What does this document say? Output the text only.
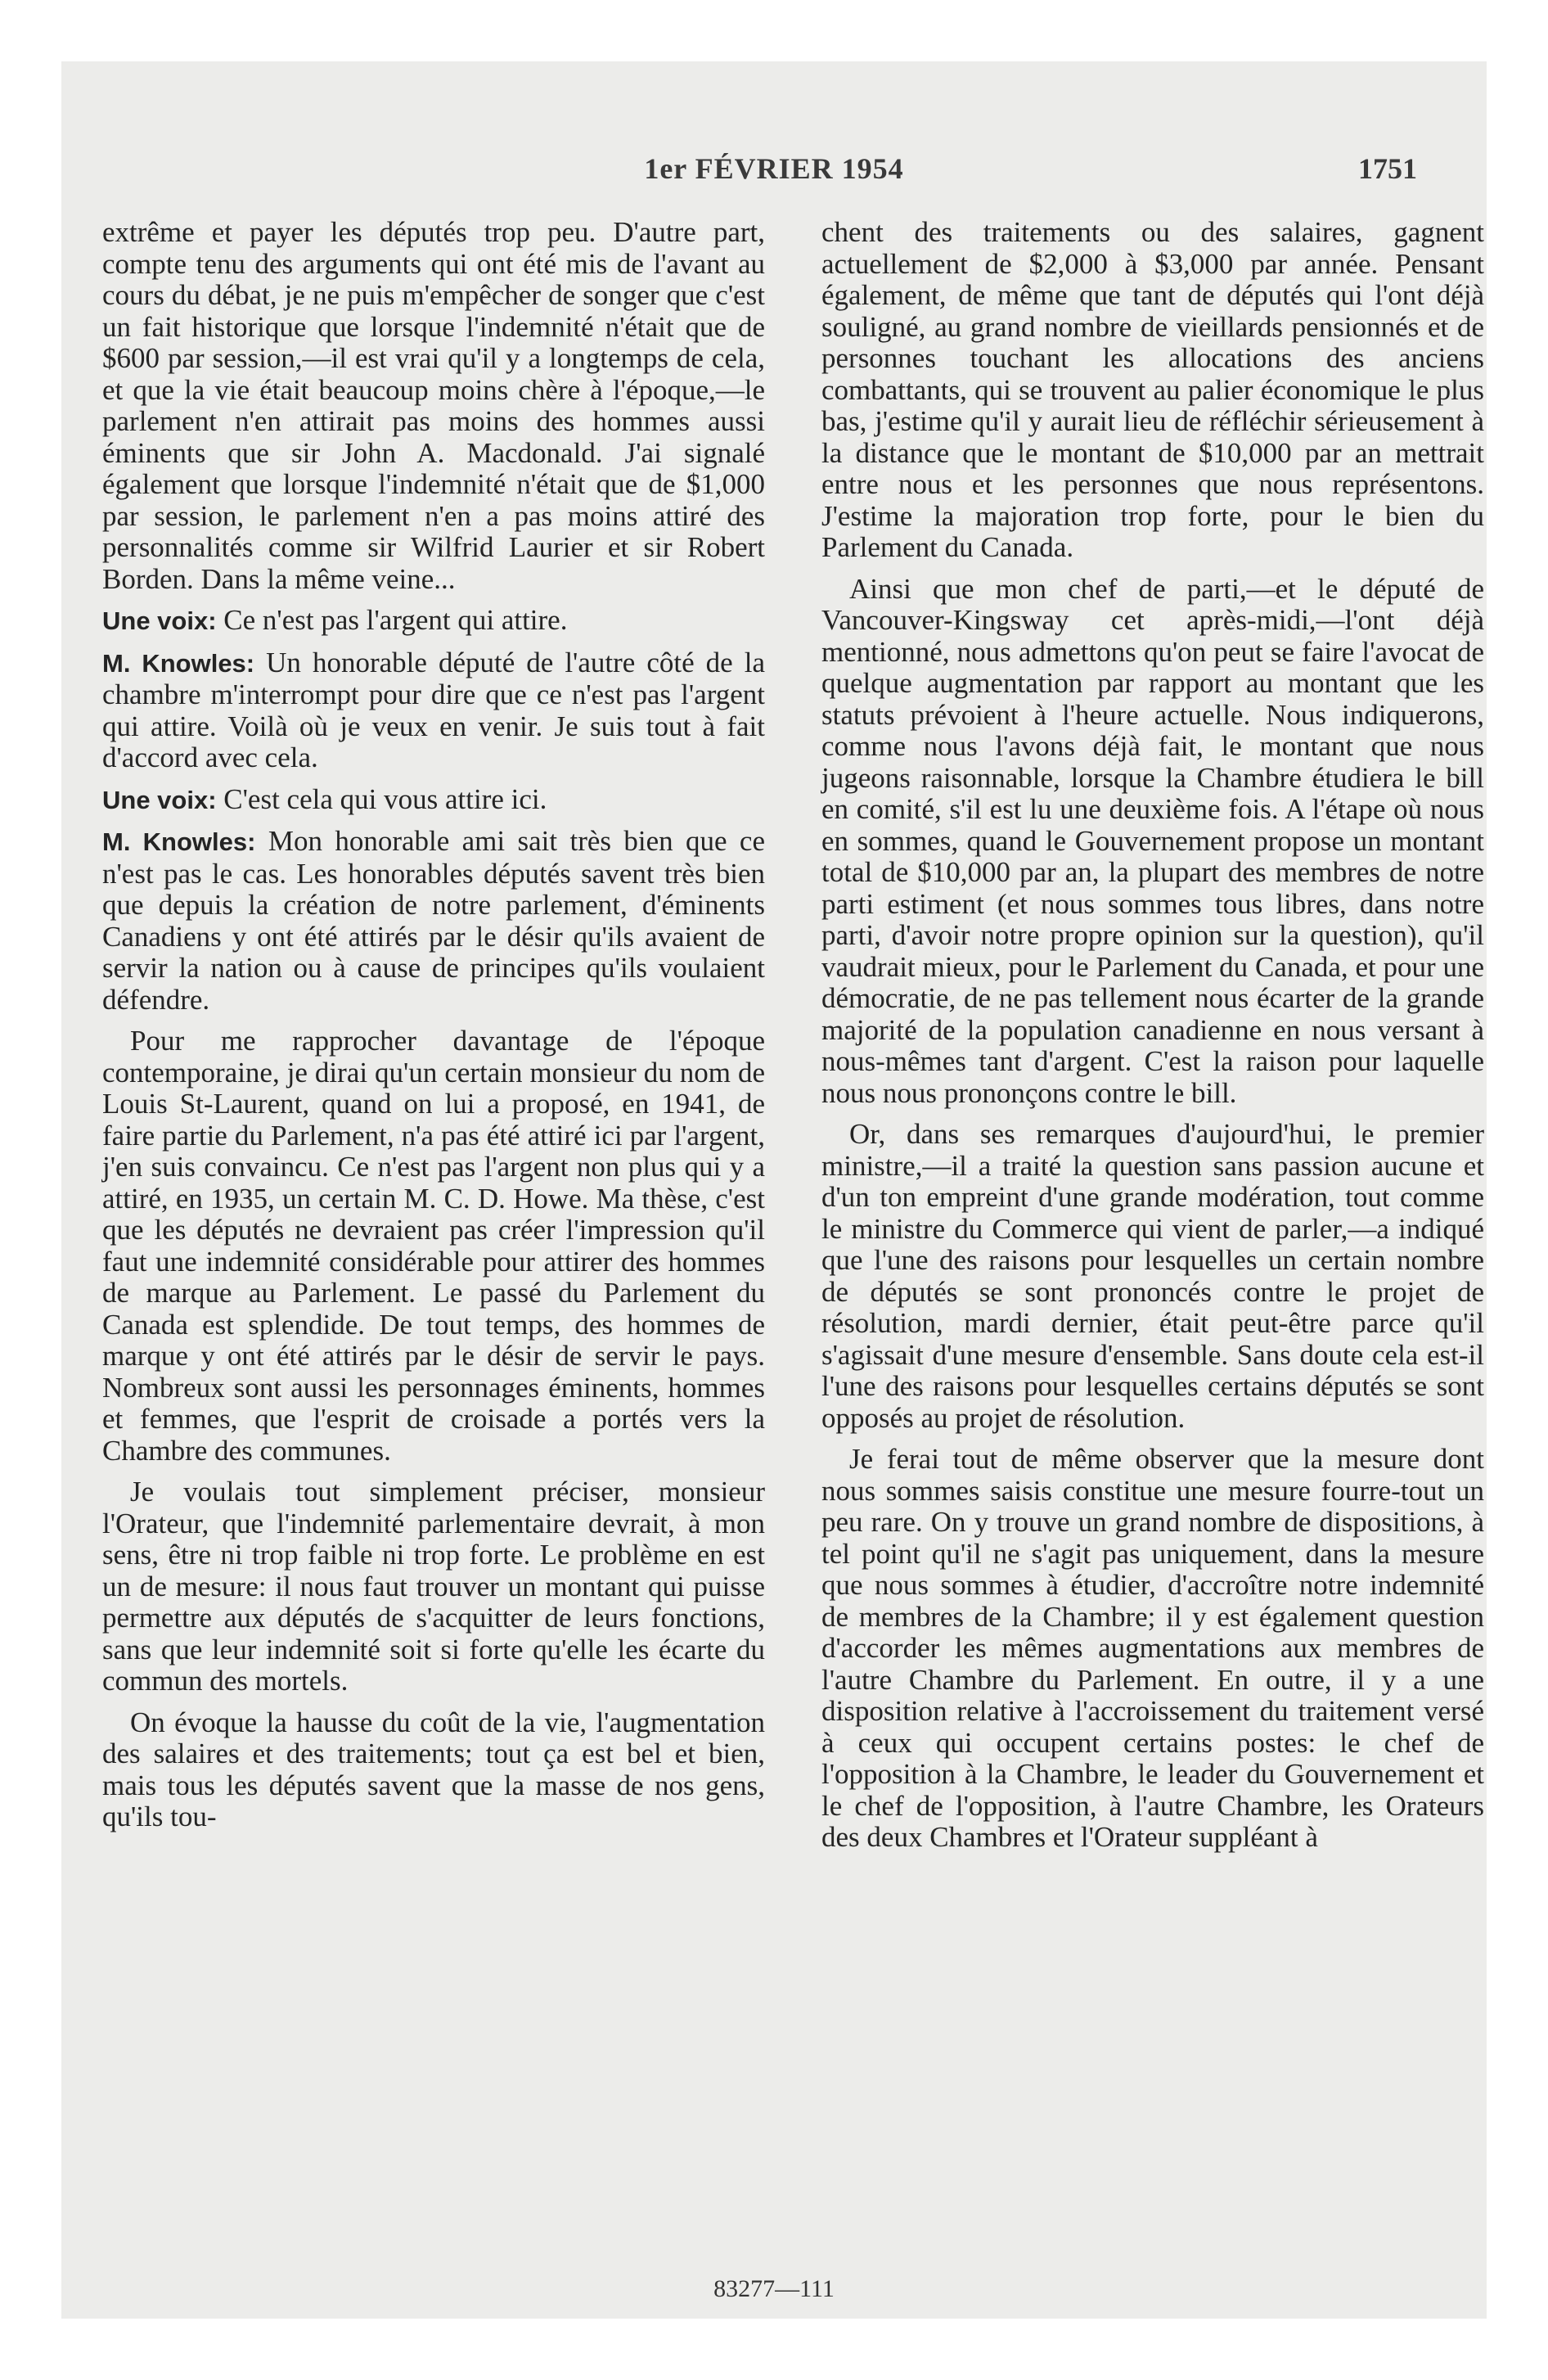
1er FÉVRIER 1954	1751

extrême et payer les députés trop peu. D'autre part, compte tenu des arguments qui ont été mis de l'avant au cours du débat, je ne puis m'empêcher de songer que c'est un fait historique que lorsque l'indemnité n'était que de $600 par session,—il est vrai qu'il y a longtemps de cela, et que la vie était beaucoup moins chère à l'époque,—le parlement n'en attirait pas moins des hommes aussi éminents que sir John A. Macdonald. J'ai signalé également que lorsque l'indemnité n'était que de $1,000 par session, le parlement n'en a pas moins attiré des personnalités comme sir Wilfrid Laurier et sir Robert Borden. Dans la même veine...

Une voix: Ce n'est pas l'argent qui attire.

M. Knowles: Un honorable député de l'autre côté de la chambre m'interrompt pour dire que ce n'est pas l'argent qui attire. Voilà où je veux en venir. Je suis tout à fait d'accord avec cela.

Une voix: C'est cela qui vous attire ici.

M. Knowles: Mon honorable ami sait très bien que ce n'est pas le cas. Les honorables députés savent très bien que depuis la création de notre parlement, d'éminents Canadiens y ont été attirés par le désir qu'ils avaient de servir la nation ou à cause de principes qu'ils voulaient défendre.

Pour me rapprocher davantage de l'époque contemporaine, je dirai qu'un certain monsieur du nom de Louis St-Laurent, quand on lui a proposé, en 1941, de faire partie du Parlement, n'a pas été attiré ici par l'argent, j'en suis convaincu. Ce n'est pas l'argent non plus qui y a attiré, en 1935, un certain M. C. D. Howe. Ma thèse, c'est que les députés ne devraient pas créer l'impression qu'il faut une indemnité considérable pour attirer des hommes de marque au Parlement. Le passé du Parlement du Canada est splendide. De tout temps, des hommes de marque y ont été attirés par le désir de servir le pays. Nombreux sont aussi les personnages éminents, hommes et femmes, que l'esprit de croisade a portés vers la Chambre des communes.

Je voulais tout simplement préciser, monsieur l'Orateur, que l'indemnité parlementaire devrait, à mon sens, être ni trop faible ni trop forte. Le problème en est un de mesure: il nous faut trouver un montant qui puisse permettre aux députés de s'acquitter de leurs fonctions, sans que leur indemnité soit si forte qu'elle les écarte du commun des mortels.

On évoque la hausse du coût de la vie, l'augmentation des salaires et des traitements; tout ça est bel et bien, mais tous les députés savent que la masse de nos gens, qu'ils tou-

chent des traitements ou des salaires, gagnent actuellement de $2,000 à $3,000 par année. Pensant également, de même que tant de députés qui l'ont déjà souligné, au grand nombre de vieillards pensionnés et de personnes touchant les allocations des anciens combattants, qui se trouvent au palier économique le plus bas, j'estime qu'il y aurait lieu de réfléchir sérieusement à la distance que le montant de $10,000 par an mettrait entre nous et les personnes que nous représentons. J'estime la majoration trop forte, pour le bien du Parlement du Canada.

Ainsi que mon chef de parti,—et le député de Vancouver-Kingsway cet après-midi,—l'ont déjà mentionné, nous admettons qu'on peut se faire l'avocat de quelque augmentation par rapport au montant que les statuts prévoient à l'heure actuelle. Nous indiquerons, comme nous l'avons déjà fait, le montant que nous jugeons raisonnable, lorsque la Chambre étudiera le bill en comité, s'il est lu une deuxième fois. A l'étape où nous en sommes, quand le Gouvernement propose un montant total de $10,000 par an, la plupart des membres de notre parti estiment (et nous sommes tous libres, dans notre parti, d'avoir notre propre opinion sur la question), qu'il vaudrait mieux, pour le Parlement du Canada, et pour une démocratie, de ne pas tellement nous écarter de la grande majorité de la population canadienne en nous versant à nous-mêmes tant d'argent. C'est la raison pour laquelle nous nous prononçons contre le bill.

Or, dans ses remarques d'aujourd'hui, le premier ministre,—il a traité la question sans passion aucune et d'un ton empreint d'une grande modération, tout comme le ministre du Commerce qui vient de parler,—a indiqué que l'une des raisons pour lesquelles un certain nombre de députés se sont prononcés contre le projet de résolution, mardi dernier, était peut-être parce qu'il s'agissait d'une mesure d'ensemble. Sans doute cela est-il l'une des raisons pour lesquelles certains députés se sont opposés au projet de résolution.

Je ferai tout de même observer que la mesure dont nous sommes saisis constitue une mesure fourre-tout un peu rare. On y trouve un grand nombre de dispositions, à tel point qu'il ne s'agit pas uniquement, dans la mesure que nous sommes à étudier, d'accroître notre indemnité de membres de la Chambre; il y est également question d'accorder les mêmes augmentations aux membres de l'autre Chambre du Parlement. En outre, il y a une disposition relative à l'accroissement du traitement versé à ceux qui occupent certains postes: le chef de l'opposition à la Chambre, le leader du Gouvernement et le chef de l'opposition, à l'autre Chambre, les Orateurs des deux Chambres et l'Orateur suppléant à

83277—111
